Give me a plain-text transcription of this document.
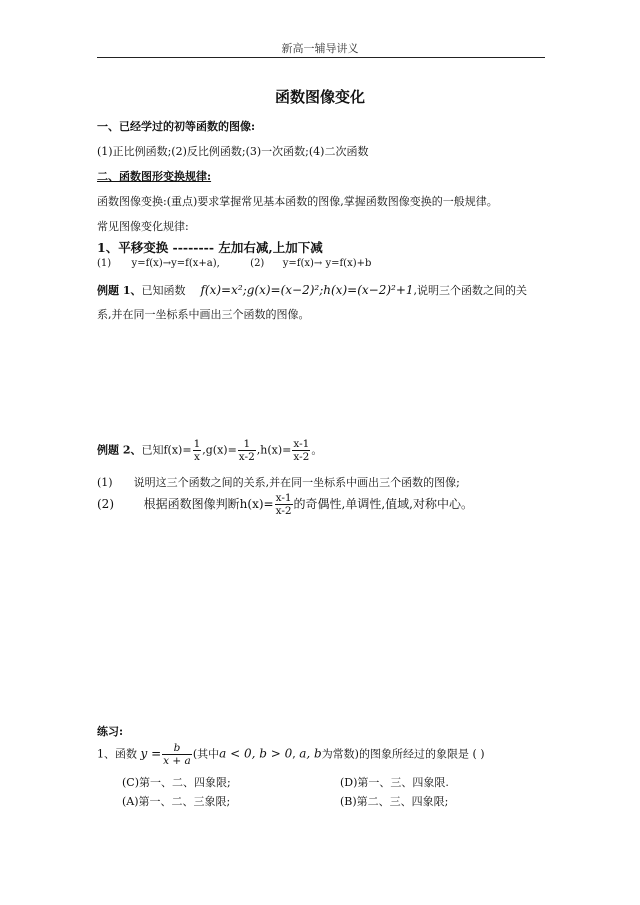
新高一辅导讲义
函数图像变化
一、已经学过的初等函数的图像:
(1)正比例函数;(2)反比例函数;(3)一次函数;(4)二次函数
二、函数图形变换规律:
函数图像变换:(重点)要求掌握常见基本函数的图像,掌握函数图像变换的一般规律。
常见图像变化规律:
1、平移变换 -------- 左加右减,上加下减
(1) y=f(x)→y=f(x+a),	(2) y=f(x)→ y=f(x)+b
例题 1、已知函数 f(x)=x²;g(x)=(x−2)²;h(x)=(x−2)²+1,说明三个函数之间的关
系,并在同一坐标系中画出三个函数的图像。
例题 2、已知$f(x)= \frac{1}{x} ,g(x)= \frac{1}{x-2} ,h(x)= \frac{x-1}{x-2}$ 。
(1) 说明这三个函数之间的关系,并在同一坐标系中画出三个函数的图像;
(2) 根据函数图像判断$h(x)= \frac{x-1}{x-2}$ 的奇偶性,单调性,值域,对称中心。
练习:
1、函数 $y = \frac{b}{x + a}$ (其中a < 0, b > 0, a, b为常数)的图象所经过的象限是 ( )
(C)第一、二、四象限;	(D)第一、三、四象限.
(A)第一、二、三象限;	(B)第二、三、四象限;
